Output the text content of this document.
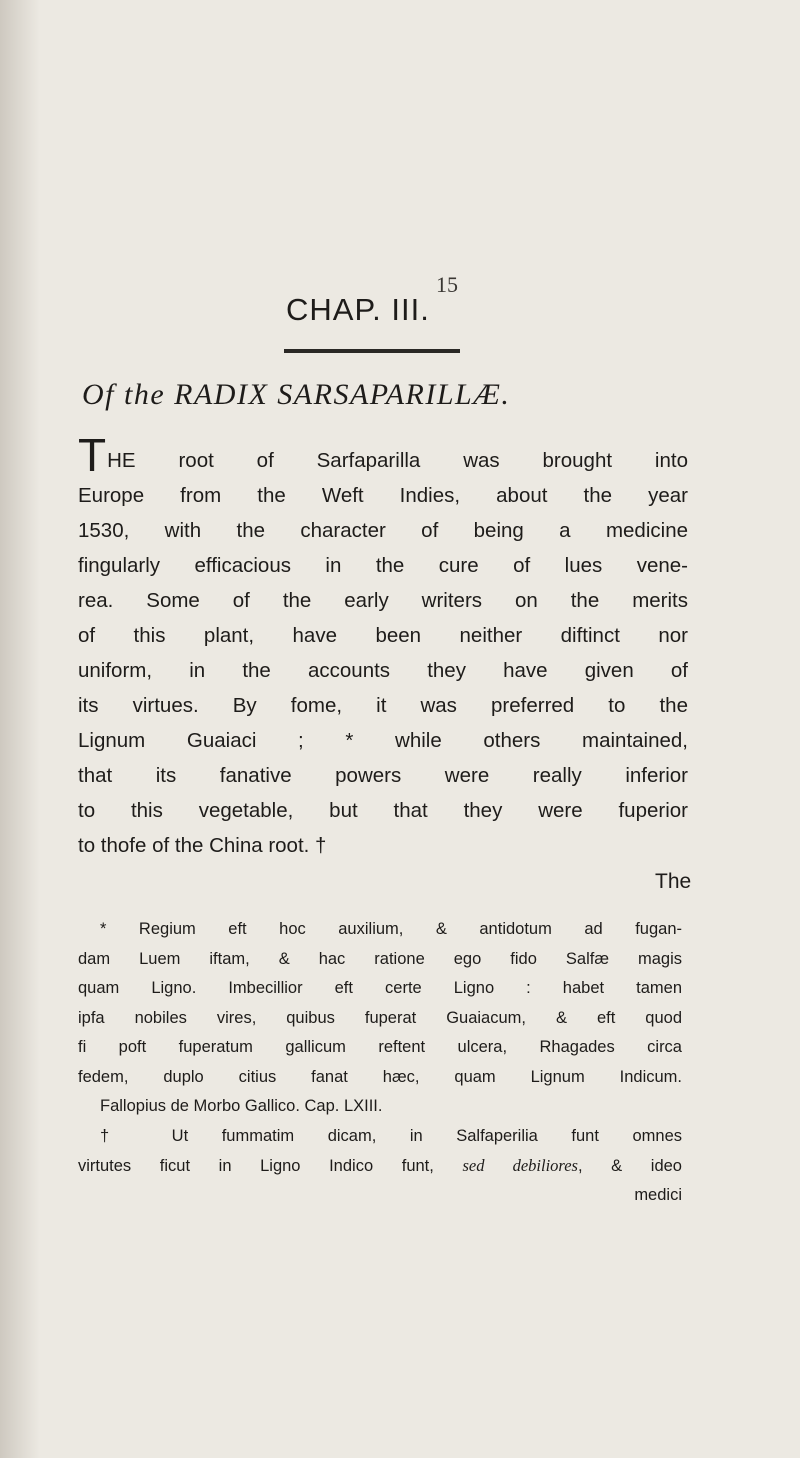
15
CHAP. III.
Of the RADIX SARSAPARILLÆ.
THE root of Sarfaparilla was brought into
Europe from the Weft Indies, about the year
1530, with the character of being a medicine
fingularly efficacious in the cure of lues vene-
rea. Some of the early writers on the merits
of this plant, have been neither diftinct nor
uniform, in the accounts they have given of
its virtues. By fome, it was preferred to the
Lignum Guaiaci ; * while others maintained,
that its fanative powers were really inferior
to this vegetable, but that they were fuperior
to thofe of the China root. †
The
* Regium eft hoc auxilium, & antidotum ad fugan-
dam Luem iftam, & hac ratione ego fido Salfæ magis
quam Ligno. Imbecillior eft certe Ligno : habet tamen
ipfa nobiles vires, quibus fuperat Guaiacum, & eft quod
fi poft fuperatum gallicum reftent ulcera, Rhagades circa
fedem, duplo citius fanat hæc, quam Lignum Indicum.
Fallopius de Morbo Gallico. Cap. LXIII.
† Ut fummatim dicam, in Salfaperilia funt omnes
virtutes ficut in Ligno Indico funt, sed debiliores, & ideo
medici
